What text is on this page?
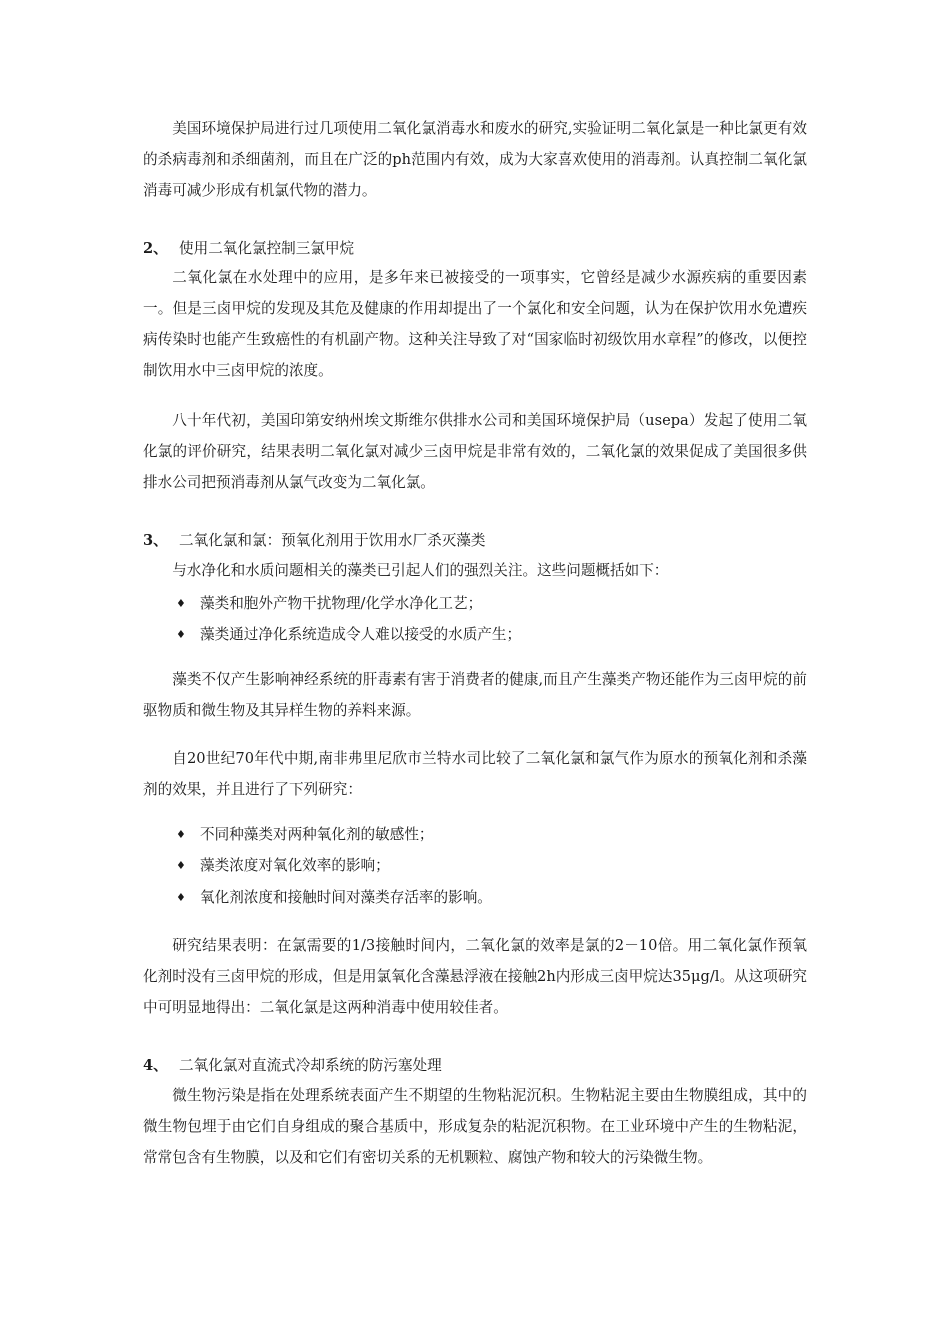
美国环境保护局进行过几项使用二氧化氯消毒水和废水的研究,实验证明二氧化氯是一种比氯更有效的杀病毒剂和杀细菌剂，而且在广泛的ph范围内有效，成为大家喜欢使用的消毒剂。认真控制二氧化氯消毒可减少形成有机氯代物的潜力。

2、 使用二氧化氯控制三氯甲烷

二氧化氯在水处理中的应用，是多年来已被接受的一项事实，它曾经是减少水源疾病的重要因素一。但是三卤甲烷的发现及其危及健康的作用却提出了一个氯化和安全问题，认为在保护饮用水免遭疾病传染时也能产生致癌性的有机副产物。这种关注导致了对“国家临时初级饮用水章程”的修改，以便控制饮用水中三卤甲烷的浓度。

八十年代初，美国印第安纳州埃文斯维尔供排水公司和美国环境保护局（usepa）发起了使用二氧化氯的评价研究，结果表明二氧化氯对减少三卤甲烷是非常有效的，二氧化氯的效果促成了美国很多供排水公司把预消毒剂从氯气改变为二氧化氯。

3、 二氧化氯和氯：预氧化剂用于饮用水厂杀灭藻类

与水净化和水质问题相关的藻类已引起人们的强烈关注。这些问题概括如下：

♦ 藻类和胞外产物干扰物理/化学水净化工艺；

♦ 藻类通过净化系统造成令人难以接受的水质产生；

藻类不仅产生影响神经系统的肝毒素有害于消费者的健康,而且产生藻类产物还能作为三卤甲烷的前驱物质和微生物及其异样生物的养料来源。

自20世纪70年代中期,南非弗里尼欣市兰特水司比较了二氧化氯和氯气作为原水的预氧化剂和杀藻剂的效果，并且进行了下列研究：

♦ 不同种藻类对两种氧化剂的敏感性；

♦ 藻类浓度对氧化效率的影响；

♦ 氧化剂浓度和接触时间对藻类存活率的影响。

研究结果表明：在氯需要的1/3接触时间内，二氧化氯的效率是氯的2－10倍。用二氧化氯作预氧化剂时没有三卤甲烷的形成，但是用氯氧化含藻悬浮液在接触2h内形成三卤甲烷达35μg/l。从这项研究中可明显地得出：二氧化氯是这两种消毒中使用较佳者。

4、 二氧化氯对直流式冷却系统的防污塞处理

微生物污染是指在处理系统表面产生不期望的生物粘泥沉积。生物粘泥主要由生物膜组成，其中的微生物包埋于由它们自身组成的聚合基质中，形成复杂的粘泥沉积物。在工业环境中产生的生物粘泥，常常包含有生物膜，以及和它们有密切关系的无机颗粒、腐蚀产物和较大的污染微生物。
